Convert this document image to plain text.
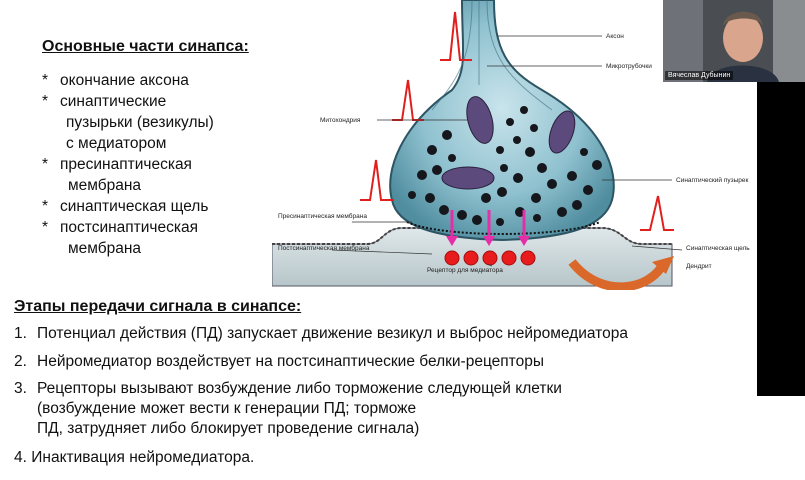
Основные части синапса:
* окончание аксона
* синаптические
пузырьки (везикулы)
с медиатором
* пресинаптическая
мембрана
* синаптическая щель
* постсинаптическая
мембрана
Аксон
Микротрубочки
Митохондрия
Синаптический пузырек
Пресинаптическая мембрана
Постсинаптическая мембрана
Рецептор для медиатора
Синаптическая щель
Дендрит
Этапы передачи сигнала в синапсе:
1. Потенциал действия (ПД) запускает движение везикул и выброс нейромедиатора
2. Нейромедиатор воздействует на постсинаптические белки-рецепторы
3. Рецепторы вызывают возбуждение либо торможение следующей клетки
(возбуждение может вести к генерации ПД; торможе
ПД, затрудняет либо блокирует проведение сигнала)
4. Инактивация нейромедиатора.
Вячеслав Дубынин
